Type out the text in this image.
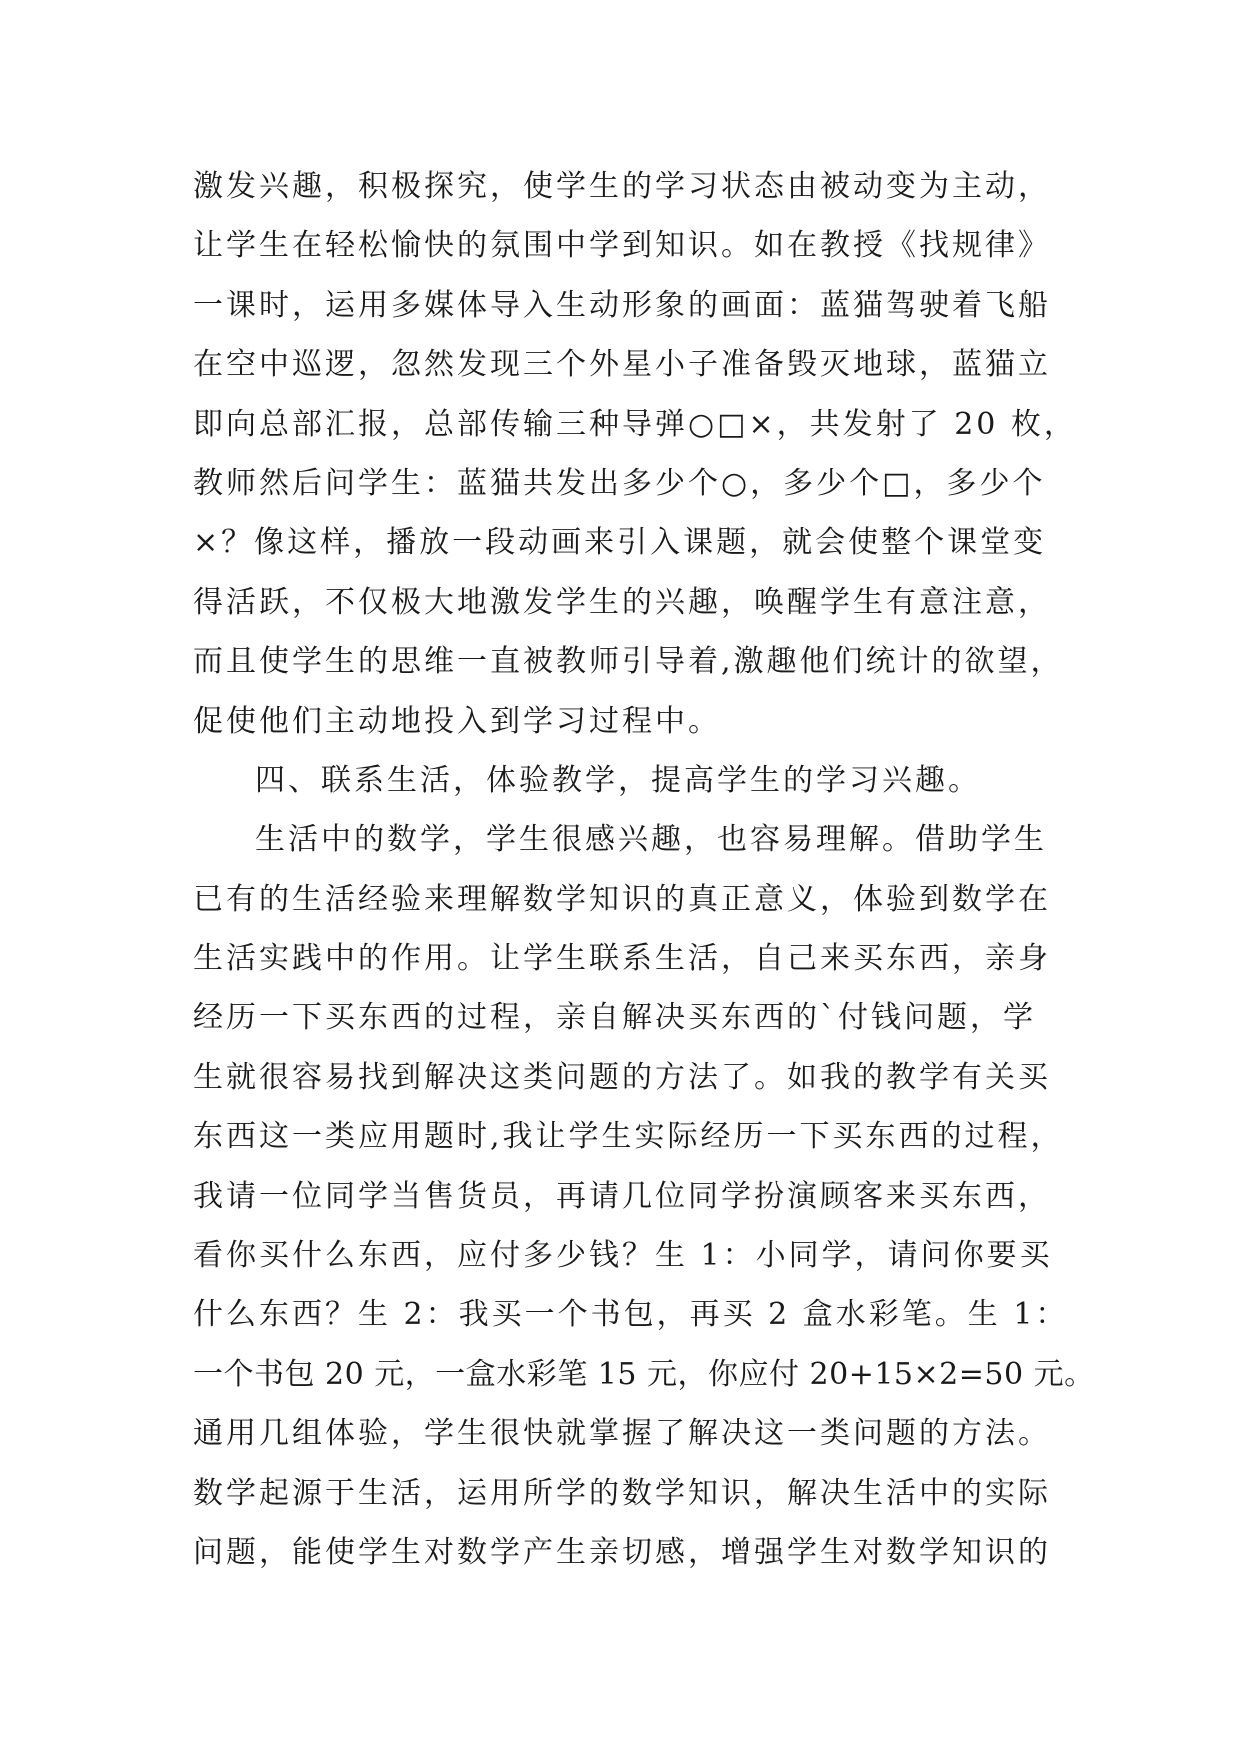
激发兴趣，积极探究，使学生的学习状态由被动变为主动，
让学生在轻松愉快的氛围中学到知识。如在教授《找规律》
一课时，运用多媒体导入生动形象的画面：蓝猫驾驶着飞船
在空中巡逻，忽然发现三个外星小子准备毁灭地球，蓝猫立
即向总部汇报，总部传输三种导弹○□×，共发射了 20 枚，
教师然后问学生：蓝猫共发出多少个○，多少个□，多少个
×？像这样，播放一段动画来引入课题，就会使整个课堂变
得活跃，不仅极大地激发学生的兴趣，唤醒学生有意注意，
而且使学生的思维一直被教师引导着,激趣他们统计的欲望，
促使他们主动地投入到学习过程中。
四、联系生活，体验教学，提高学生的学习兴趣。
生活中的数学，学生很感兴趣，也容易理解。借助学生
已有的生活经验来理解数学知识的真正意义，体验到数学在
生活实践中的作用。让学生联系生活，自己来买东西，亲身
经历一下买东西的过程，亲自解决买东西的`付钱问题，学
生就很容易找到解决这类问题的方法了。如我的教学有关买
东西这一类应用题时,我让学生实际经历一下买东西的过程，
我请一位同学当售货员，再请几位同学扮演顾客来买东西，
看你买什么东西，应付多少钱？生 1：小同学，请问你要买
什么东西？生 2：我买一个书包，再买 2 盒水彩笔。生 1：
一个书包 20 元，一盒水彩笔 15 元，你应付 20+15×2=50 元。
通用几组体验，学生很快就掌握了解决这一类问题的方法。
数学起源于生活，运用所学的数学知识，解决生活中的实际
问题，能使学生对数学产生亲切感，增强学生对数学知识的
